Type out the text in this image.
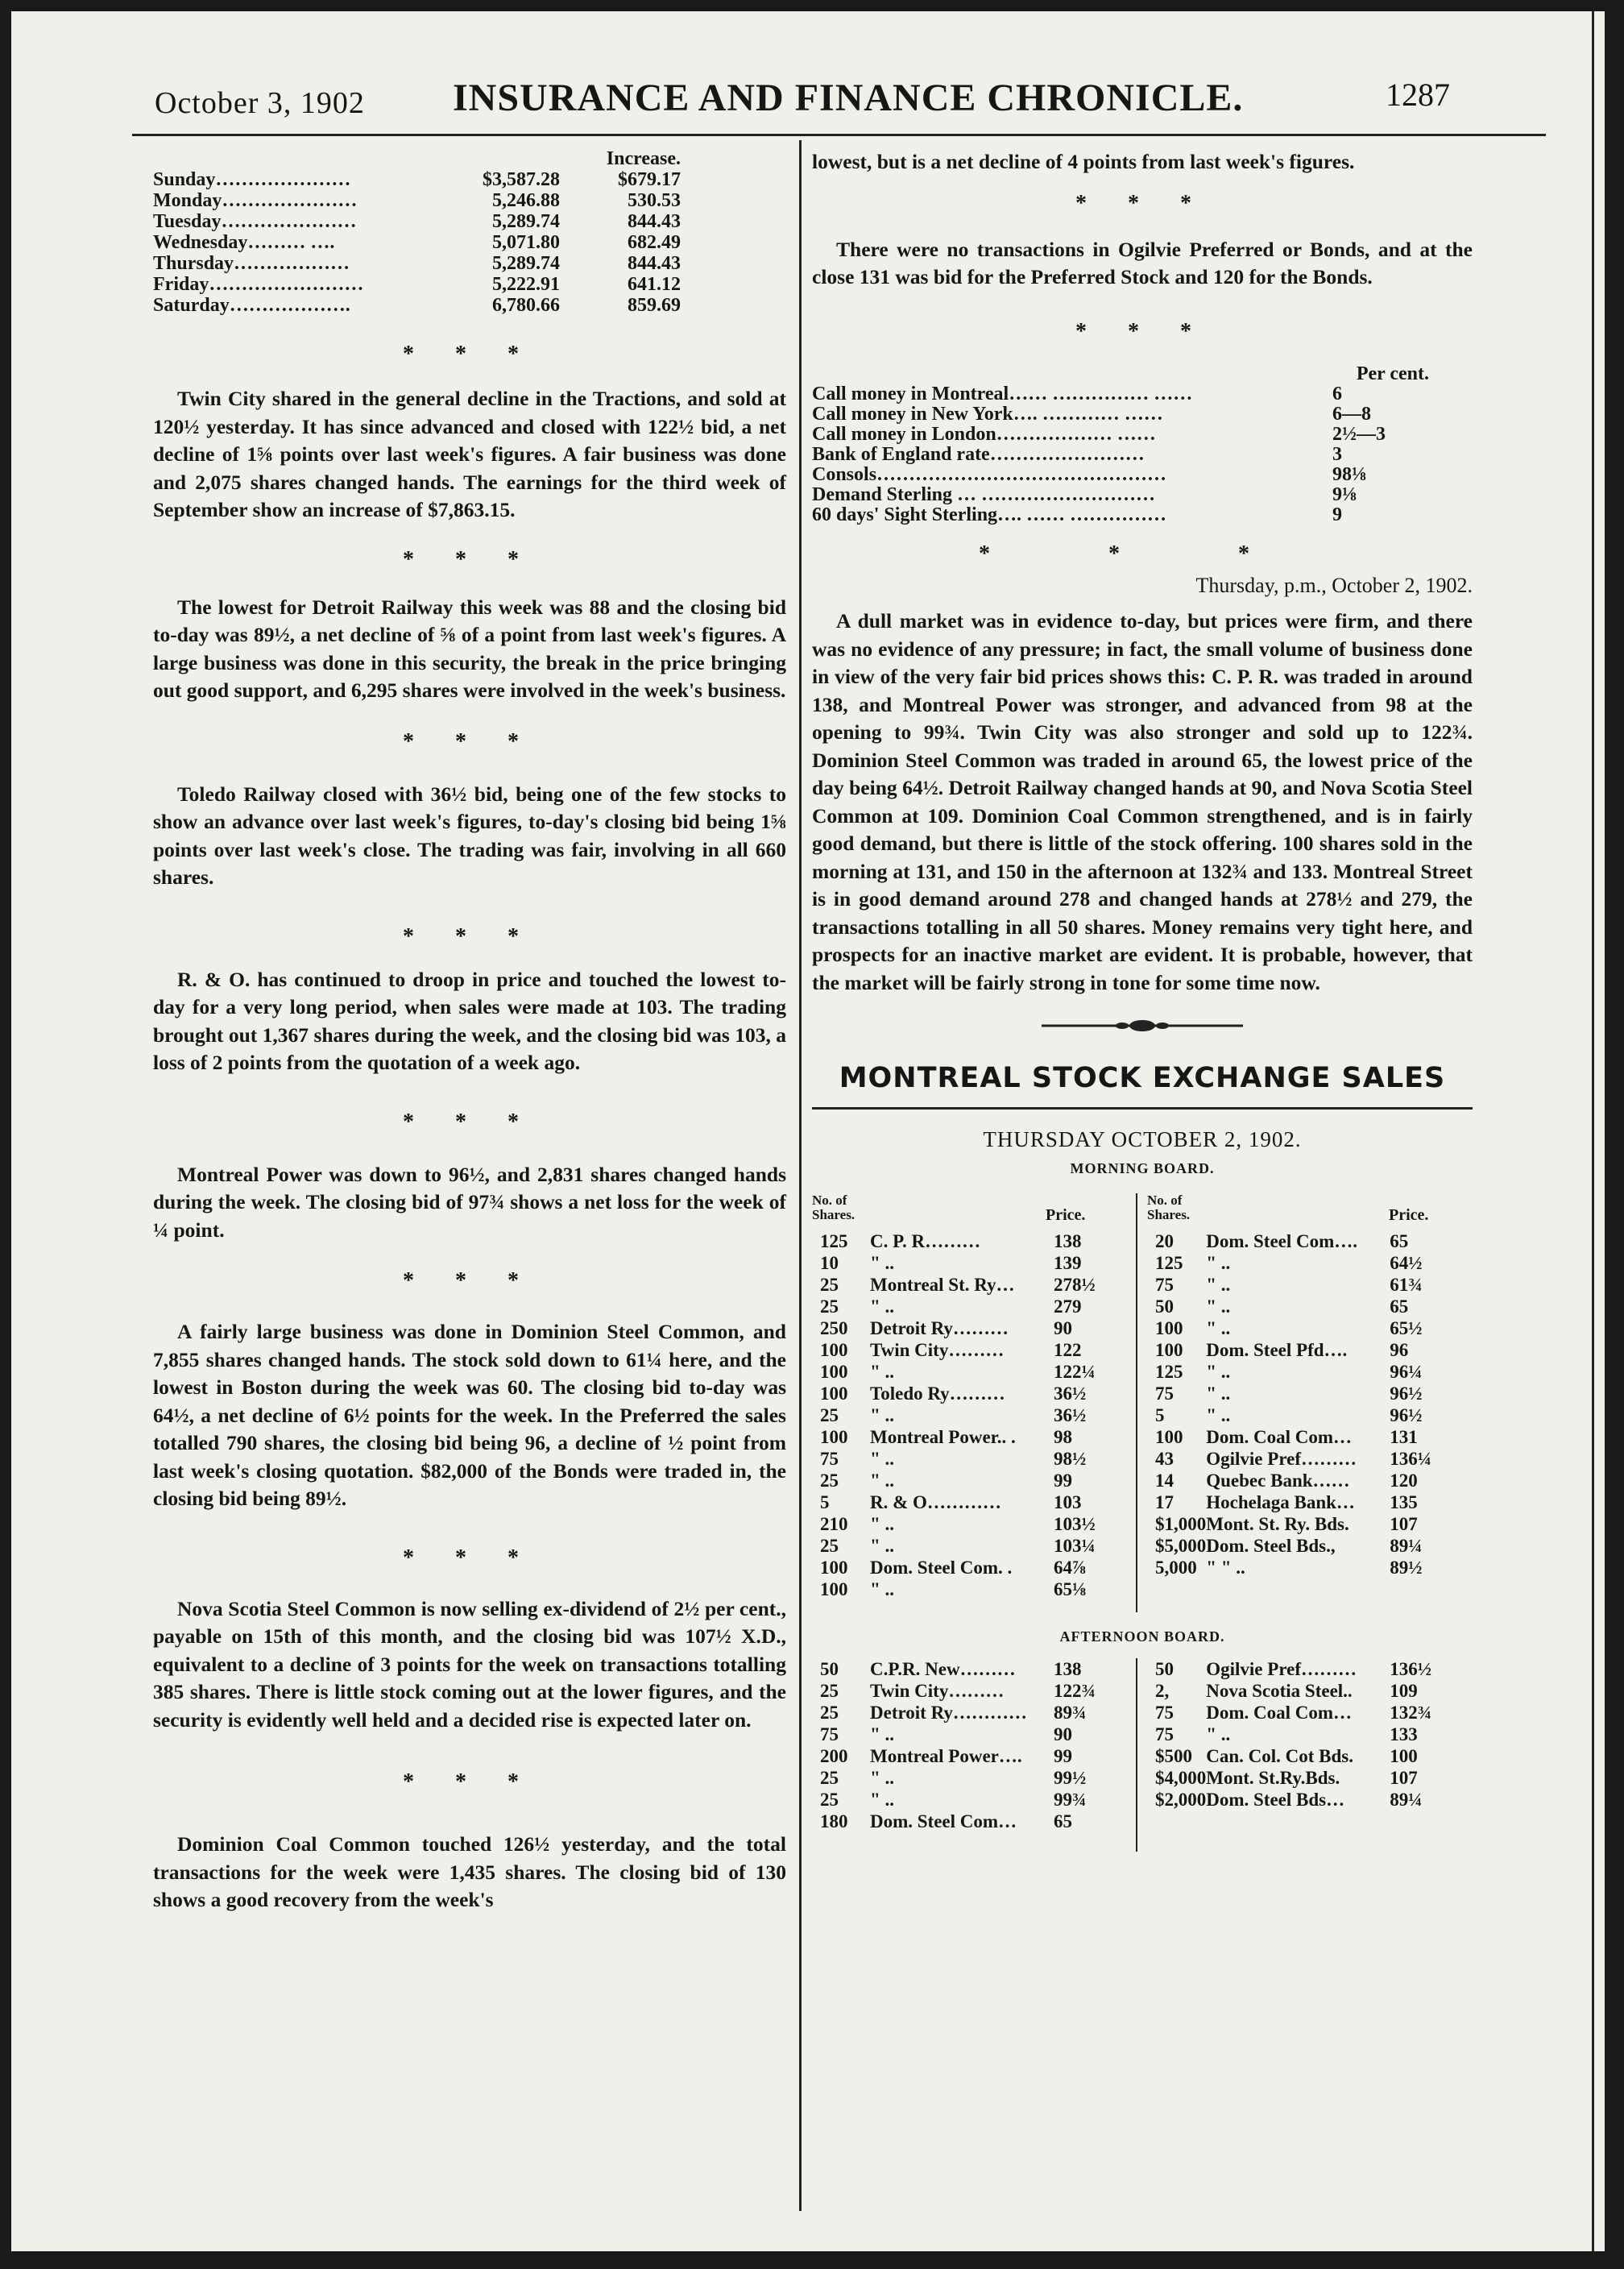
October 3, 1902 INSURANCE AND FINANCE CHRONICLE.	1287
		Increase.
Sunday…………………	$3,587.28	$679.17
Monday…………………	5,246.88	530.53
Tuesday…………………	5,289.74	844.43
Wednesday……… ….	5,071.80	682.49
Thursday………………	5,289.74	844.43
Friday……………………	5,222.91	641.12
Saturday……………….	6,780.66	859.69

* * *

Twin City shared in the general decline in the Tractions, and sold at 120½ yesterday. It has since advanced and closed with 122½ bid, a net decline of 1⅝ points over last week's figures. A fair business was done and 2,075 shares changed hands. The earnings for the third week of September show an increase of $7,863.15.

* * *

The lowest for Detroit Railway this week was 88 and the closing bid to-day was 89½, a net decline of ⅝ of a point from last week's figures. A large business was done in this security, the break in the price bringing out good support, and 6,295 shares were involved in the week's business.

* * *

Toledo Railway closed with 36½ bid, being one of the few stocks to show an advance over last week's figures, to-day's closing bid being 1⅝ points over last week's close. The trading was fair, involving in all 660 shares.

* * *

R. & O. has continued to droop in price and touched the lowest to-day for a very long period, when sales were made at 103. The trading brought out 1,367 shares during the week, and the closing bid was 103, a loss of 2 points from the quotation of a week ago.

* * *

Montreal Power was down to 96½, and 2,831 shares changed hands during the week. The closing bid of 97¾ shows a net loss for the week of ¼ point.

* * *

A fairly large business was done in Dominion Steel Common, and 7,855 shares changed hands. The stock sold down to 61¼ here, and the lowest in Boston during the week was 60. The closing bid to-day was 64½, a net decline of 6½ points for the week. In the Preferred the sales totalled 790 shares, the closing bid being 96, a decline of ½ point from last week's closing quotation. $82,000 of the Bonds were traded in, the closing bid being 89½.

* * *

Nova Scotia Steel Common is now selling ex-dividend of 2½ per cent., payable on 15th of this month, and the closing bid was 107½ X.D., equivalent to a decline of 3 points for the week on transactions totalling 385 shares. There is little stock coming out at the lower figures, and the security is evidently well held and a decided rise is expected later on.

* * *

Dominion Coal Common touched 126½ yesterday, and the total transactions for the week were 1,435 shares. The closing bid of 130 shows a good recovery from the week's

lowest, but is a net decline of 4 points from last week's figures.

* * *

There were no transactions in Ogilvie Preferred or Bonds, and at the close 131 was bid for the Preferred Stock and 120 for the Bonds.

* * *

	Per cent.
Call money in Montreal…… …………… ……	6
Call money in New York…. ………… ……	6—8
Call money in London……………… ……	2½—3
Bank of England rate……………………	3
Consols………………………………………	98⅛
Demand Sterling … ………………………	9⅛
60 days' Sight Sterling…. …… ……………	9

* * *

Thursday, p.m., October 2, 1902.

A dull market was in evidence to-day, but prices were firm, and there was no evidence of any pressure; in fact, the small volume of business done in view of the very fair bid prices shows this: C. P. R. was traded in around 138, and Montreal Power was stronger, and advanced from 98 at the opening to 99¾. Twin City was also stronger and sold up to 122¾. Dominion Steel Common was traded in around 65, the lowest price of the day being 64½. Detroit Railway changed hands at 90, and Nova Scotia Steel Common at 109. Dominion Coal Common strengthened, and is in fairly good demand, but there is little of the stock offering. 100 shares sold in the morning at 131, and 150 in the afternoon at 132¾ and 133. Montreal Street is in good demand around 278 and changed hands at 278½ and 279, the transactions totalling in all 50 shares. Money remains very tight here, and prospects for an inactive market are evident. It is probable, however, that the market will be fairly strong in tone for some time now.

MONTREAL STOCK EXCHANGE SALES

THURSDAY OCTOBER 2, 1902.

MORNING BOARD.

No. of Shares.		Price.
No. of Shares.		Price.
125	C. P. R………	138
10	" ..	139
25	Montreal St. Ry…	278½
25	" ..	279
250	Detroit Ry………	90
100	Twin City………	122
100	" ..	122¼
100	Toledo Ry………	36½
25	" ..	36½
100	Montreal Power.. .	98
75	" ..	98½
25	" ..	99
5	R. & O…………	103
210	" ..	103½
25	" ..	103¼
100	Dom. Steel Com. .	64⅞
100	" ..	65⅛
20	Dom. Steel Com….	65
125	" ..	64½
75	" ..	61¾
50	" ..	65
100	" ..	65½
100	Dom. Steel Pfd….	96
125	" ..	96¼
75	" ..	96½
5	" ..	96½
100	Dom. Coal Com…	131
43	Ogilvie Pref………	136¼
14	Quebec Bank……	120
17	Hochelaga Bank…	135
$1,000	Mont. St. Ry. Bds.	107
$5,000	Dom. Steel Bds.,	89¼
5,000	" " ..	89½

AFTERNOON BOARD.

50	C.P.R. New………	138
25	Twin City………	122¾
25	Detroit Ry…………	89¾
75	" ..	90
200	Montreal Power….	99
25	" ..	99½
25	" ..	99¾
180	Dom. Steel Com…	65
50	Ogilvie Pref………	136½
2,	Nova Scotia Steel..	109
75	Dom. Coal Com…	132¾
75	" ..	133
$500	Can. Col. Cot Bds.	100
$4,000	Mont. St.Ry.Bds.	107
$2,000	Dom. Steel Bds…	89¼
